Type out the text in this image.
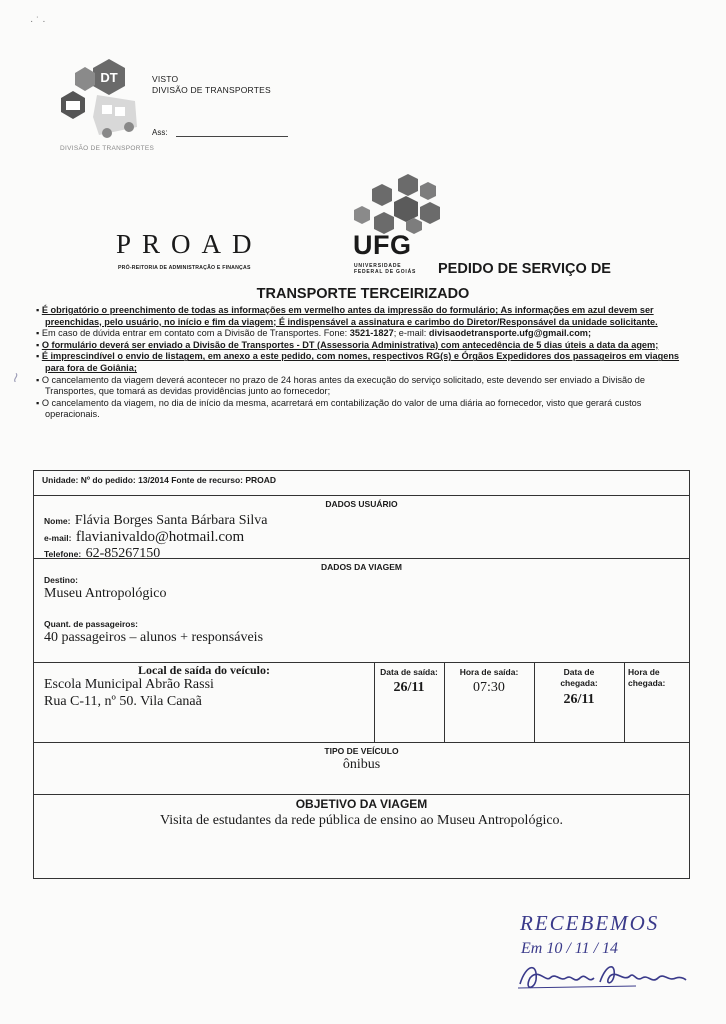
· ˙ ·
DT	VISTO
DIVISÃO DE TRANSPORTES
Ass:
DIVISÃO DE TRANSPORTES
PROAD
PRÓ-REITORIA DE ADMINISTRAÇÃO E FINANÇAS
UFG
UNIVERSIDADE
FEDERAL DE GOIÁS PEDIDO DE SERVIÇO DE
TRANSPORTE TERCEIRIZADO

▪ É obrigatório o preenchimento de todas as informações em vermelho antes da impressão do formulário; As informações em azul devem ser preenchidas, pelo usuário, no início e fim da viagem; É indispensável a assinatura e carimbo do Diretor/Responsável da unidade solicitante.

▪ Em caso de dúvida entrar em contato com a Divisão de Transportes. Fone: 3521-1827; e-mail: divisaodetransporte.ufg@gmail.com;

▪ O formulário deverá ser enviado a Divisão de Transportes - DT (Assessoria Administrativa) com antecedência de 5 dias úteis a data da agem;

▪ É imprescindível o envio de listagem, em anexo a este pedido, com nomes, respectivos RG(s) e Órgãos Expedidores dos passageiros em viagens para fora de Goiânia;

▪ O cancelamento da viagem deverá acontecer no prazo de 24 horas antes da execução do serviço solicitado, este devendo ser enviado a Divisão de Transportes, que tomará as devidas providências junto ao fornecedor;

▪ O cancelamento da viagem, no dia de início da mesma, acarretará em contabilização do valor de uma diária ao fornecedor, visto que gerará custos operacionais.

≀
Unidade: Nº do pedido: 13/2014 Fonte de recurso: PROAD
DADOS USUÁRIO
Nome: Flávia Borges Santa Bárbara Silva
e-mail: flavianivaldo@hotmail.com
Telefone: 62-85267150
DADOS DA VIAGEM
Destino:
Museu Antropológico
Quant. de passageiros:
40 passageiros – alunos + responsáveis
Local de saída do veículo:
Escola Municipal Abrão Rassi
Rua C-11, nº 50. Vila Canaã
Data de saída:
26/11
Hora de saída:
07:30
Data de
chegada:
26/11
Hora de
chegada:
TIPO DE VEÍCULO
ônibus
OBJETIVO DA VIAGEM
Visita de estudantes da rede pública de ensino ao Museu Antropológico.
RECEBEMOS
Em 10 / 11 / 14
